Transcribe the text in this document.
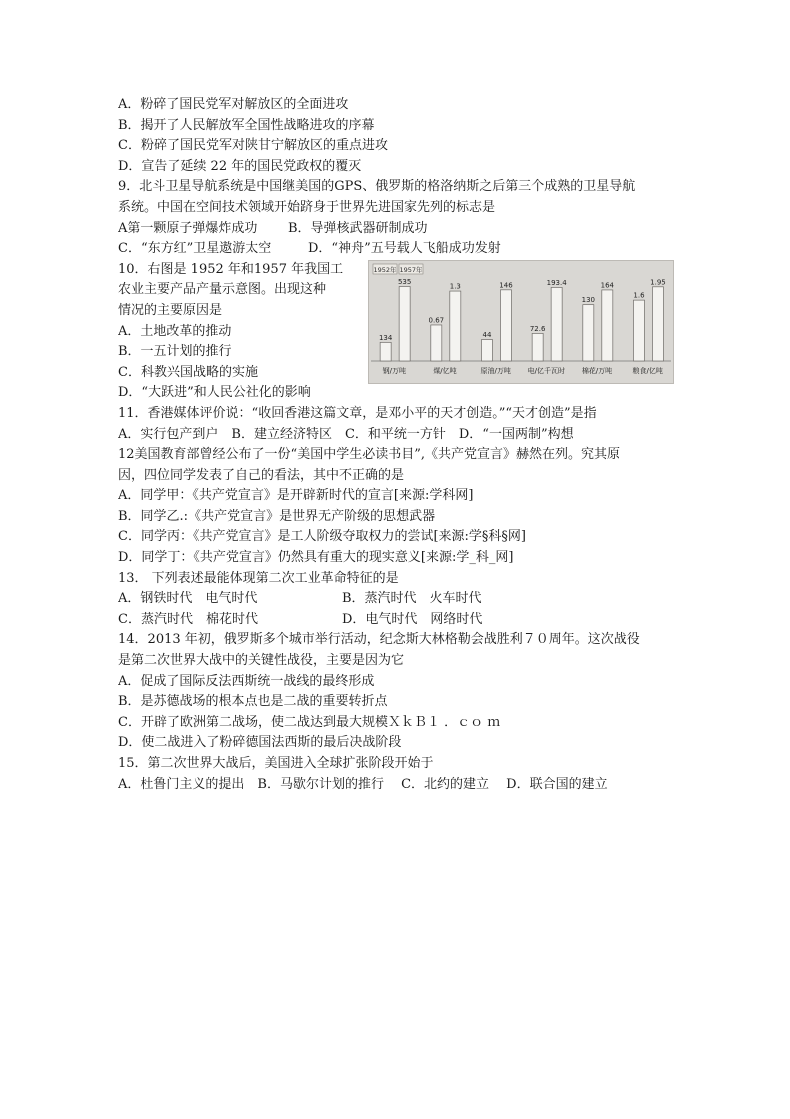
A．粉碎了国民党军对解放区的全面进攻
B．揭开了人民解放军全国性战略进攻的序幕
C．粉碎了国民党军对陕甘宁解放区的重点进攻
D．宣告了延续 22 年的国民党政权的覆灭
9．北斗卫星导航系统是中国继美国的GPS、俄罗斯的格洛纳斯之后第三个成熟的卫星导航
系统。中国在空间技术领域开始跻身于世界先进国家先列的标志是
A第一颗原子弹爆炸成功 B．导弹核武器研制成功
C．“东方红”卫星遨游太空	D．“神舟”五号载人飞船成功发射
10．右图是 1952 年和1957 年我国工
农业主要产品产量示意图。出现这种
情况的主要原因是
A．土地改革的推动
B．一五计划的推行
C．科教兴国战略的实施
D．“大跃进”和人民公社化的影响
1952年 1957年
134
535
钢/万吨
0.67
1.3
煤/亿吨
44
146
原油/万吨
72.6
193.4
电/亿千瓦时
130
164
棉花/万吨
1.6
1.95
粮食/亿吨
11．香港媒体评价说：“收回香港这篇文章，是邓小平的天才创造。”“天才创造”是指
A．实行包产到户　B．建立经济特区　C．和平统一方针　D．“一国两制”构想
12美国教育部曾经公布了一份“美国中学生必读书目”,《共产党宣言》赫然在列。究其原
因，四位同学发表了自己的看法，其中不正确的是
A．同学甲：《共产党宣言》是开辟新时代的宣言[来源:学科网]
B．同学乙.:《共产党宣言》是世界无产阶级的思想武器
C．同学丙：《共产党宣言》是工人阶级夺取权力的尝试[来源:学§科§网]
D．同学丁：《共产党宣言》仍然具有重大的现实意义[来源:学_科_网]
13． 下列表述最能体现第二次工业革命特征的是
A．钢铁时代　电气时代	B．蒸汽时代　火车时代
C．蒸汽时代　棉花时代	D．电气时代　网络时代
14．2013 年初，俄罗斯多个城市举行活动，纪念斯大林格勒会战胜利７０周年。这次战役
是第二次世界大战中的关键性战役，主要是因为它
A．促成了国际反法西斯统一战线的最终形成
B．是苏德战场的根本点也是二战的重要转折点
C．开辟了欧洲第二战场，使二战达到最大规模ＸｋＢ１ ．ｃｏ ｍ
D．使二战进入了粉碎德国法西斯的最后决战阶段
15．第二次世界大战后，美国进入全球扩张阶段开始于
A．杜鲁门主义的提出　B．马歇尔计划的推行　 C．北约的建立　 D．联合国的建立
